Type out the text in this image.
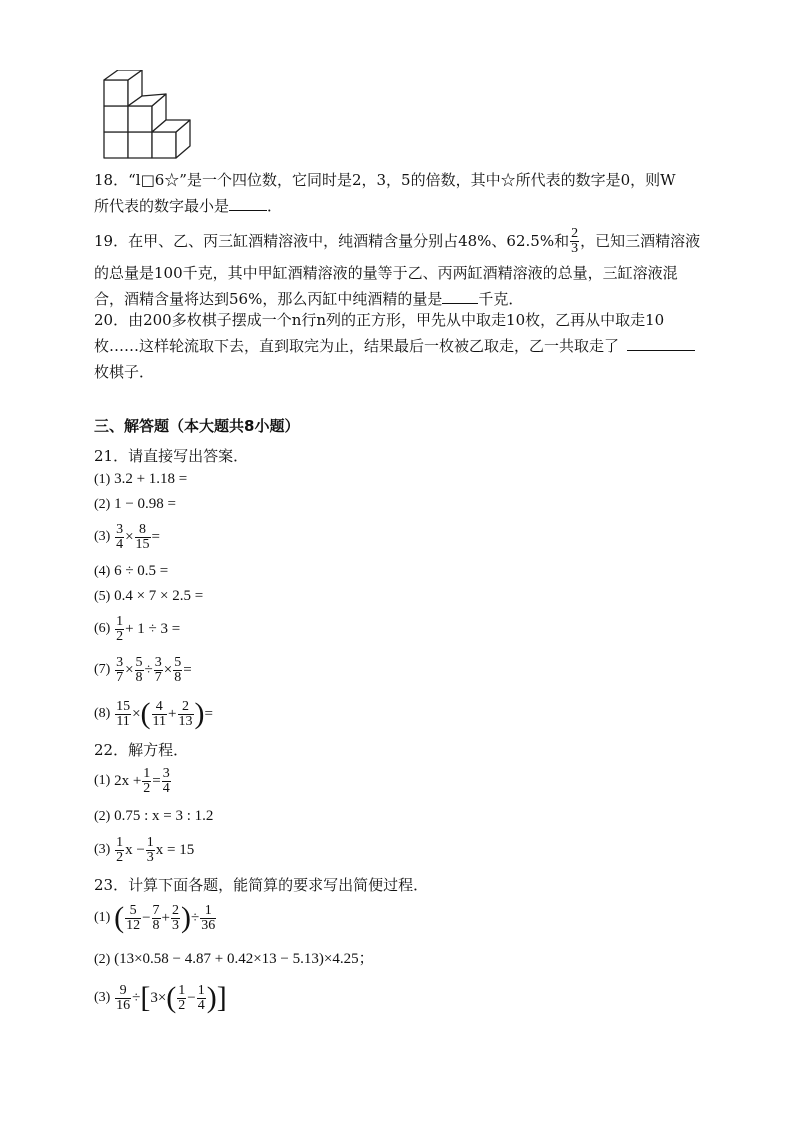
18．“l□6☆”是一个四位数，它同时是2，3，5的倍数，其中☆所代表的数字是0，则W
所代表的数字最小是	．
19． 在甲、乙、丙三缸酒精溶液中，纯酒精含量分别占48%、62.5%和 $\frac{2}{3}$ ，已知三酒精溶液
的总量是100千克，其中甲缸酒精溶液的量等于乙、丙两缸酒精溶液的总量，三缸溶液混
合，酒精含量将达到56%，那么丙缸中纯酒精的量是 千克．
20．由200多枚棋子摆成一个n行n列的正方形，甲先从中取走10枚，乙再从中取走10
枚……这样轮流取下去，直到取完为止，结果最后一枚被乙取走，乙一共取走了
枚棋子．
三、解答题（本大题共8小题）
21．请直接写出答案．
(1) 3.2 + 1.18 =
(2) 1 − 0.98 =
(3)
$\frac{3}{4} \times \frac{8}{15}$ =
(4) 6 ÷ 0.5 =
(5) 0.4 × 7 × 2.5 =
(6)
$\frac{1}{2} + 1 \div 3$ =
(7)
$\frac{3}{7} \times \frac{5}{8} \div \frac{3}{7} \times \frac{5}{8}$ =
(8)
$\frac{15}{11}$ × ( $\frac{4}{11} + \frac{2}{13}$ ) =
22．解方程．
(1)
$2x + \frac{1}{2} = \frac{3}{4}$
(2) 0.75 : x = 3 : 1.2
(3)
$\frac{1}{2}$ $x - \frac{1}{3}$ x = 15
23．计算下面各题，能简算的要求写出简便过程．
(1)
( $\frac{5}{12} - \frac{7}{8} + \frac{2}{3}$ ) ÷ $\frac{1}{36}$
(2) (13×0.58 − 4.87 + 0.42×13 − 5.13)×4.25；
(3)
$\frac{9}{16}$ ÷ [ 3× ( $\frac{1}{2} - \frac{1}{4}$ ) ]
